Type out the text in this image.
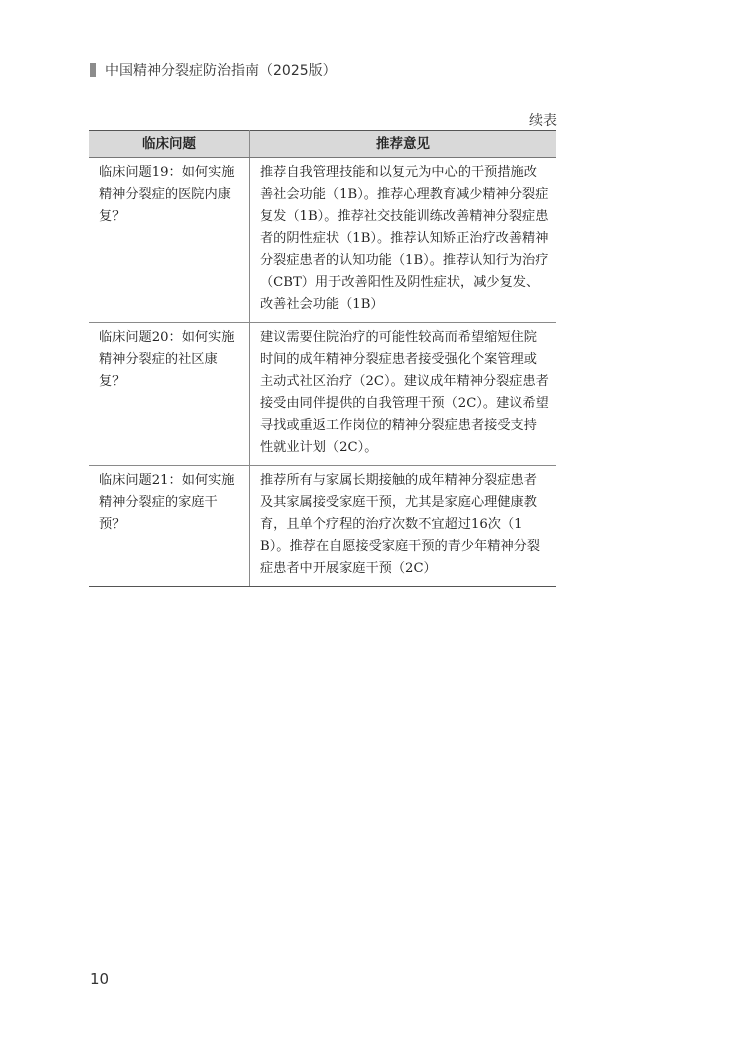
中国精神分裂症防治指南（2025版）
续表
临床问题	推荐意见
临床问题19：如何实施精神分裂症的医院内康复？	推荐自我管理技能和以复元为中心的干预措施改善社会功能（1B）。推荐心理教育减少精神分裂症复发（1B）。推荐社交技能训练改善精神分裂症患者的阴性症状（1B）。推荐认知矫正治疗改善精神分裂症患者的认知功能（1B）。推荐认知行为治疗（CBT）用于改善阳性及阴性症状，减少复发、改善社会功能（1B）
临床问题20：如何实施精神分裂症的社区康复？	建议需要住院治疗的可能性较高而希望缩短住院时间的成年精神分裂症患者接受强化个案管理或主动式社区治疗（2C）。建议成年精神分裂症患者接受由同伴提供的自我管理干预（2C）。建议希望寻找或重返工作岗位的精神分裂症患者接受支持性就业计划（2C）。
临床问题21：如何实施精神分裂症的家庭干预？	推荐所有与家属长期接触的成年精神分裂症患者及其家属接受家庭干预，尤其是家庭心理健康教育，且单个疗程的治疗次数不宜超过16次（1B）。推荐在自愿接受家庭干预的青少年精神分裂症患者中开展家庭干预（2C）
10
